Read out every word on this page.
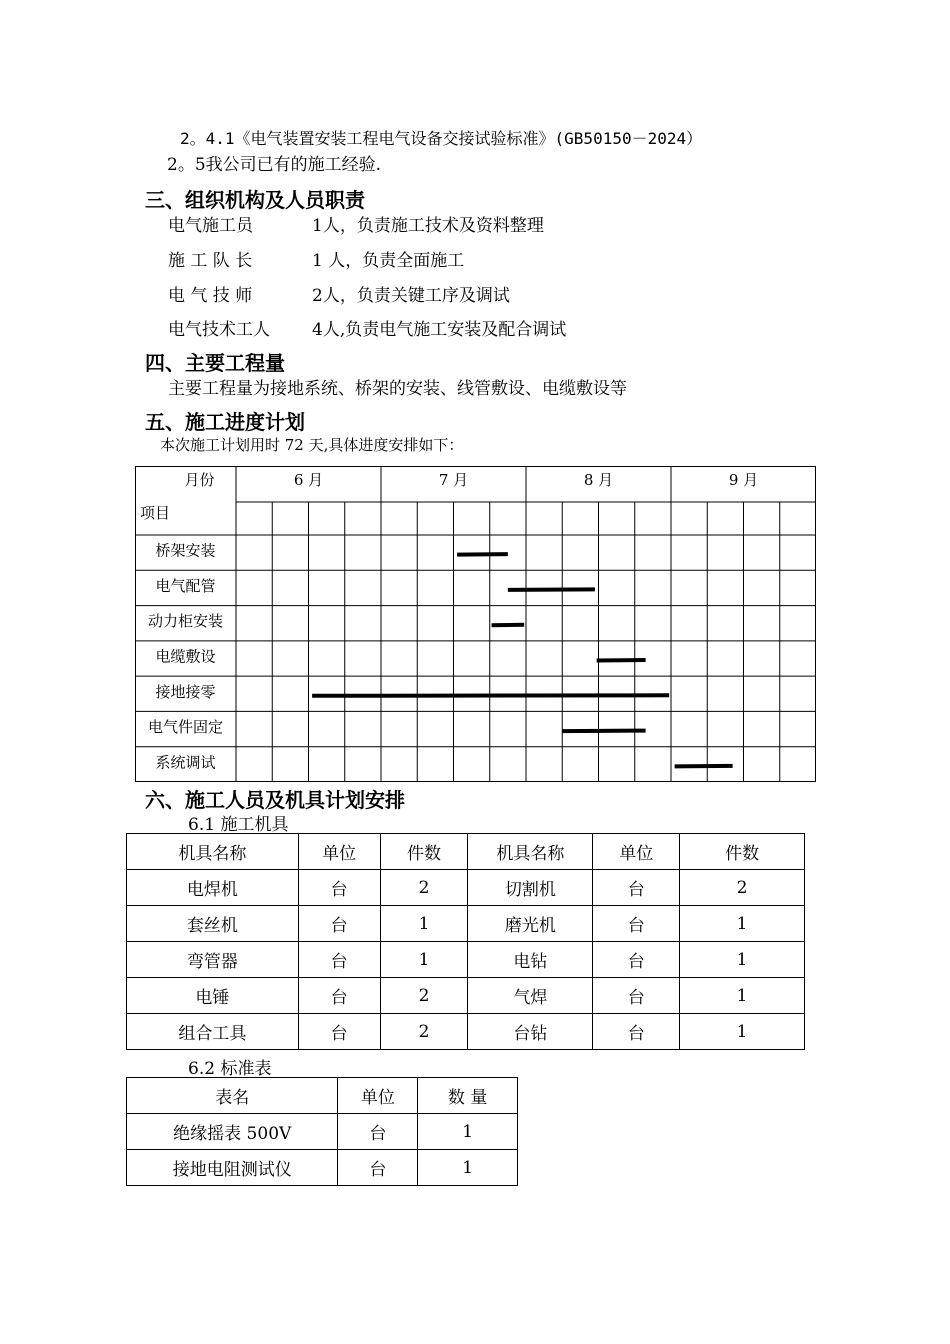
2。4.1《电气装置安装工程电气设备交接试验标准》(GB50150－2024）
2。5我公司已有的施工经验.
三、组织机构及人员职责
电气施工员	1人，负责施工技术及资料整理
施 工 队 长	1 人，负责全面施工
电 气 技 师	2人，负责关键工序及调试
电气技术工人 4人,负责电气施工安装及配合调试
四、主要工程量
主要工程量为接地系统、桥架的安装、线管敷设、电缆敷设等
五、施工进度计划
本次施工计划用时 72 天,具体进度安排如下：
月份
项目
6 月	7 月	8 月	9 月
桥架安装
电气配管
动力柜安装
电缆敷设
接地接零
电气件固定
系统调试
六、施工人员及机具计划安排
6.1 施工机具
机具名称	单位	件数	机具名称	单位	件数
电焊机	台	2	切割机	台	2
套丝机	台	1	磨光机	台	1
弯管器	台	1	电钻	台	1
电锤	台	2	气焊	台	1
组合工具	台	2	台钻	台	1
6.2 标准表
表名	单位	数 量
绝缘摇表 500V	台	1
接地电阻测试仪	台	1
